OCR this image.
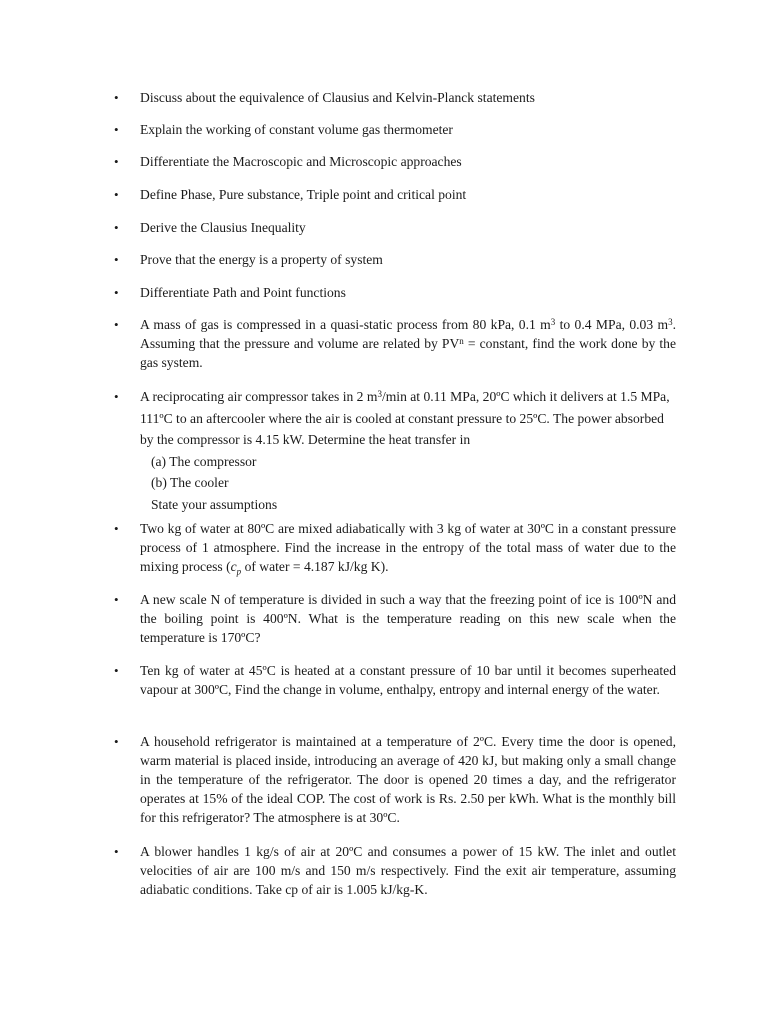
•	Discuss about the equivalence of Clausius and Kelvin-Planck statements

•	Explain the working of constant volume gas thermometer

•	Differentiate the Macroscopic and Microscopic approaches

•	Define Phase, Pure substance, Triple point and critical point

•	Derive the Clausius Inequality

•	Prove that the energy is a property of system

•	Differentiate Path and Point functions

•	A mass of gas is compressed in a quasi-static process from 80 kPa, 0.1 $m^3$ to 0.4 MPa, 0.03 $m^3$. Assuming that the pressure and volume are related by $PV^n$ = constant, find the work done by the gas system.

•	A reciprocating air compressor takes in 2 $m^3/\min$ at 0.11 MPa, 20ºC which it delivers at 1.5 MPa, 111ºC to an aftercooler where the air is cooled at constant pressure to 25ºC. The power absorbed by the compressor is 4.15 kW. Determine the heat transfer in

(a) The compressor
(b) The cooler
State your assumptions
•	Two kg of water at 80ºC are mixed adiabatically with 3 kg of water at 30ºC in a constant pressure process of 1 atmosphere. Find the increase in the entropy of the total mass of water due to the mixing process ($c_p$ of water = 4.187 kJ/kg K).

•	A new scale N of temperature is divided in such a way that the freezing point of ice is 100ºN and the boiling point is 400ºN. What is the temperature reading on this new scale when the temperature is 170ºC?

•	Ten kg of water at 45ºC is heated at a constant pressure of 10 bar until it becomes superheated vapour at 300ºC, Find the change in volume, enthalpy, entropy and internal energy of the water.

•	A household refrigerator is maintained at a temperature of 2ºC. Every time the door is opened, warm material is placed inside, introducing an average of 420 kJ, but making only a small change in the temperature of the refrigerator. The door is opened 20 times a day, and the refrigerator operates at 15% of the ideal COP. The cost of work is Rs. 2.50 per kWh. What is the monthly bill for this refrigerator? The atmosphere is at 30ºC.

•	A blower handles 1 kg/s of air at 20ºC and consumes a power of 15 kW. The inlet and outlet velocities of air are 100 m/s and 150 m/s respectively. Find the exit air temperature, assuming adiabatic conditions. Take cp of air is 1.005 kJ/kg-K.
